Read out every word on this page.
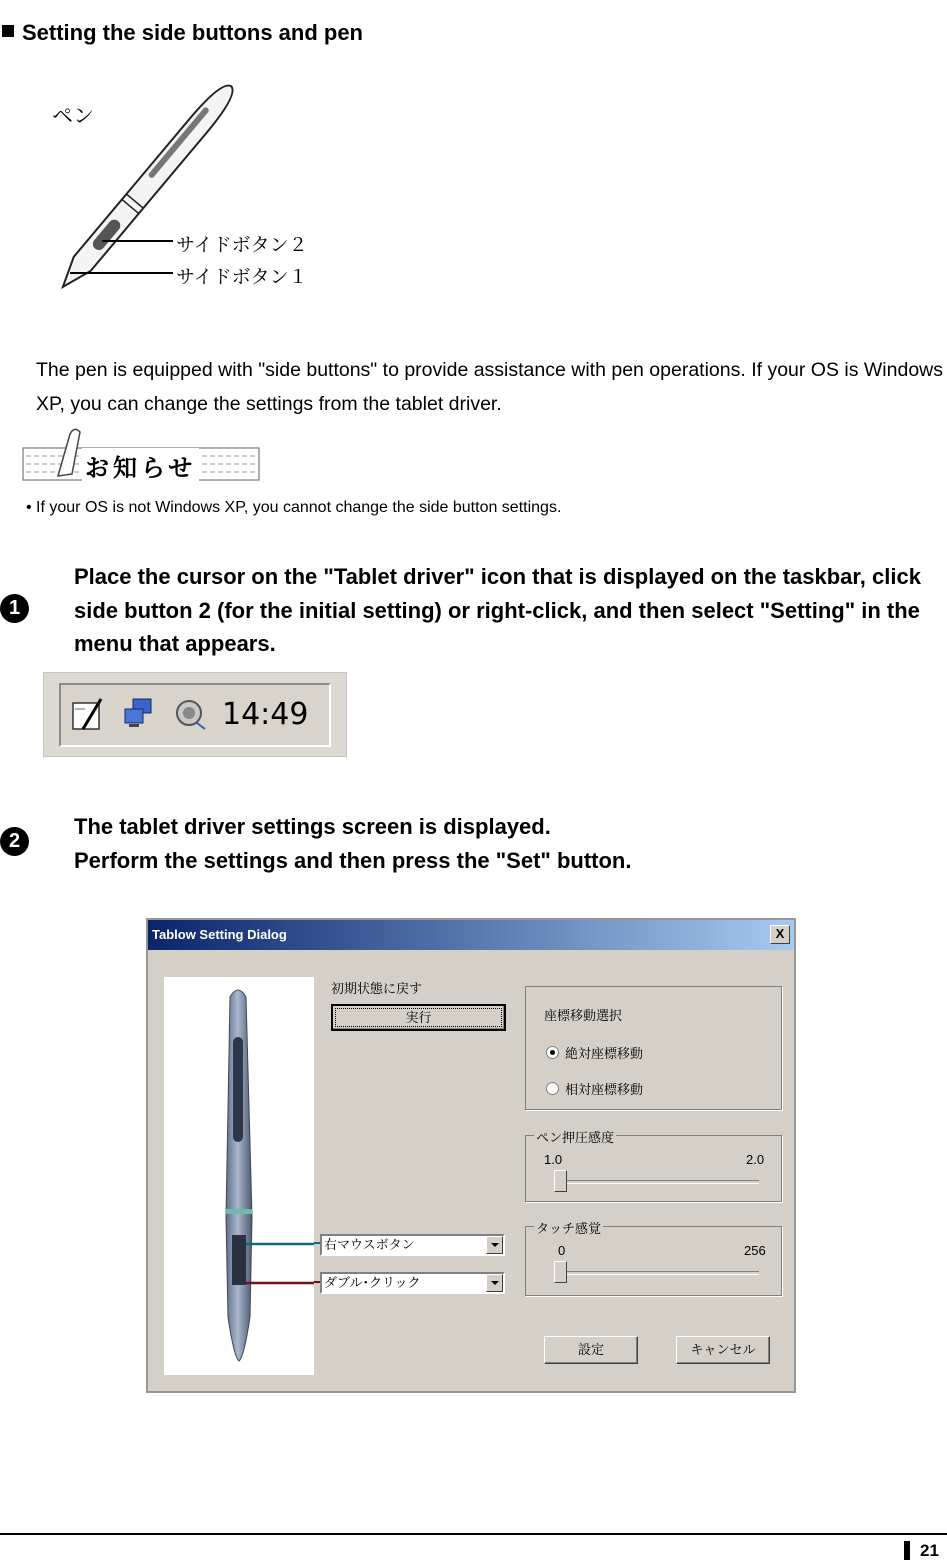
Setting the side buttons and pen
ペン
サイドボタン２
サイドボタン１
The pen is equipped with "side buttons" to provide assistance with pen operations. If your OS is Windows XP, you can change the settings from the tablet driver.
お知らせ
• If your OS is not Windows XP, you cannot change the side button settings.
1
Place the cursor on the "Tablet driver" icon that is displayed on the taskbar, click side button 2 (for the initial setting) or right-click, and then select "Setting" in the menu that appears.
14:49
2
The tablet driver settings screen is displayed.
Perform the settings and then press the "Set" button.
Tablow Setting Dialog	X
初期状態に戻す
実行	座標移動選択
絶対座標移動
相対座標移動
ペン押圧感度
1.0	2.0
タッチ感覚
0	256
右マウスボタン
ダブル･クリック
設定	キャンセル
21
